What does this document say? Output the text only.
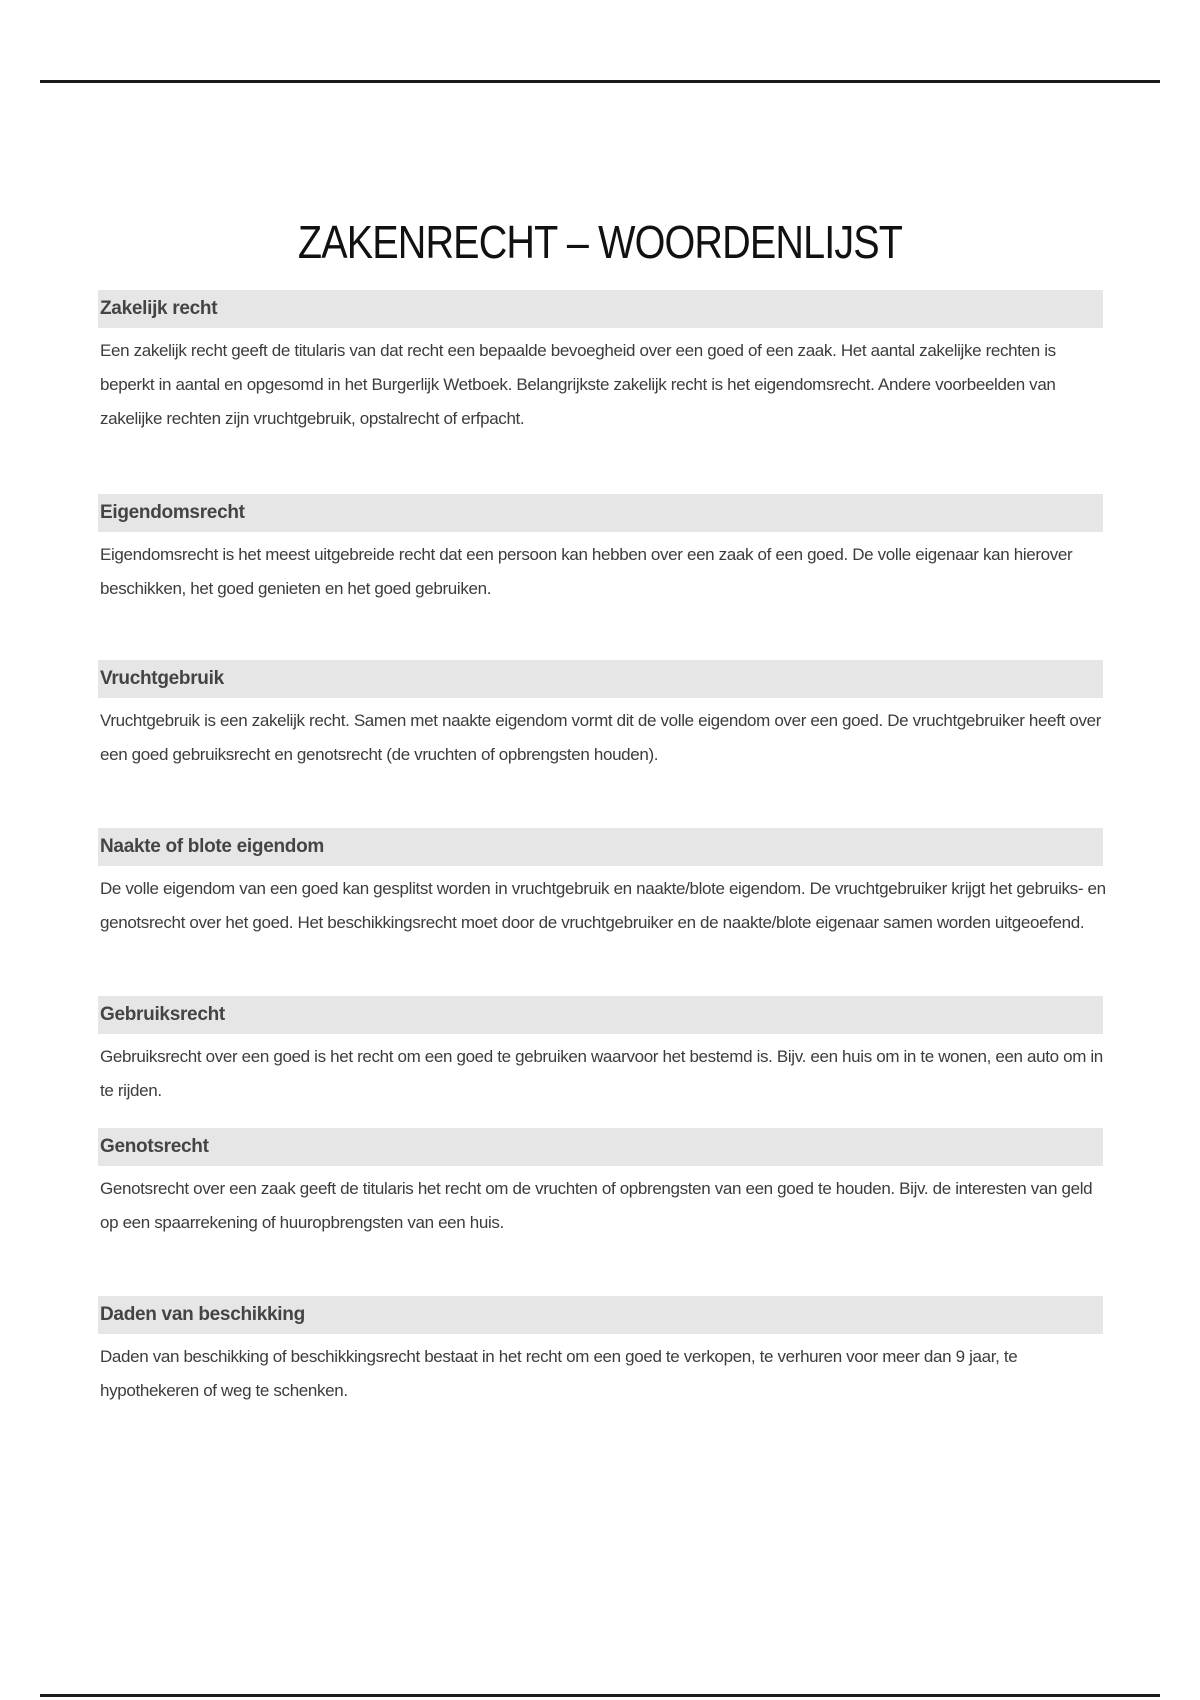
ZAKENRECHT – WOORDENLIJST
Zakelijk recht

Een zakelijk recht geeft de titularis van dat recht een bepaalde bevoegheid over een goed of een zaak. Het aantal zakelijke rechten is beperkt in aantal en opgesomd in het Burgerlijk Wetboek. Belangrijkste zakelijk recht is het eigendomsrecht. Andere voorbeelden van zakelijke rechten zijn vruchtgebruik, opstalrecht of erfpacht.

Eigendomsrecht

Eigendomsrecht is het meest uitgebreide recht dat een persoon kan hebben over een zaak of een goed. De volle eigenaar kan hierover beschikken, het goed genieten en het goed gebruiken.

Vruchtgebruik

Vruchtgebruik is een zakelijk recht. Samen met naakte eigendom vormt dit de volle eigendom over een goed. De vruchtgebruiker heeft over een goed gebruiksrecht en genotsrecht (de vruchten of opbrengsten houden).

Naakte of blote eigendom

De volle eigendom van een goed kan gesplitst worden in vruchtgebruik en naakte/blote eigendom. De vruchtgebruiker krijgt het gebruiks- en genotsrecht over het goed. Het beschikkingsrecht moet door de vruchtgebruiker en de naakte/blote eigenaar samen worden uitgeoefend.

Gebruiksrecht

Gebruiksrecht over een goed is het recht om een goed te gebruiken waarvoor het bestemd is. Bijv. een huis om in te wonen, een auto om in te rijden.

Genotsrecht

Genotsrecht over een zaak geeft de titularis het recht om de vruchten of opbrengsten van een goed te houden. Bijv. de interesten van geld op een spaarrekening of huuropbrengsten van een huis.

Daden van beschikking

Daden van beschikking of beschikkingsrecht bestaat in het recht om een goed te verkopen, te verhuren voor meer dan 9 jaar, te hypothekeren of weg te schenken.
